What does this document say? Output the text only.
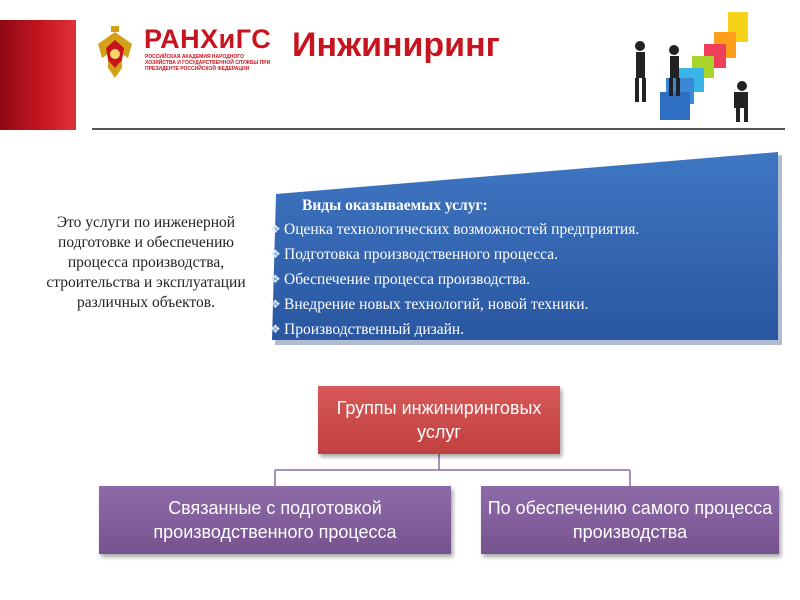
РАНХиГС
РОССИЙСКАЯ АКАДЕМИЯ НАРОДНОГО ХОЗЯЙСТВА И ГОСУДАРСТВЕННОЙ СЛУЖБЫ ПРИ ПРЕЗИДЕНТЕ РОССИЙСКОЙ ФЕДЕРАЦИИ
Инжиниринг
Это услуги по инженерной подготовке и обеспечению процесса производства, строительства и эксплуатации различных объектов.
Виды оказываемых услуг:
❖ Оценка технологических возможностей предприятия.
❖ Подготовка производственного процесса.
❖ Обеспечение процесса производства.
❖ Внедрение новых технологий, новой техники.
❖ Производственный дизайн.
Группы инжиниринговых услуг
Связанные с подготовкой производственного процесса
По обеспечению самого процесса производства
